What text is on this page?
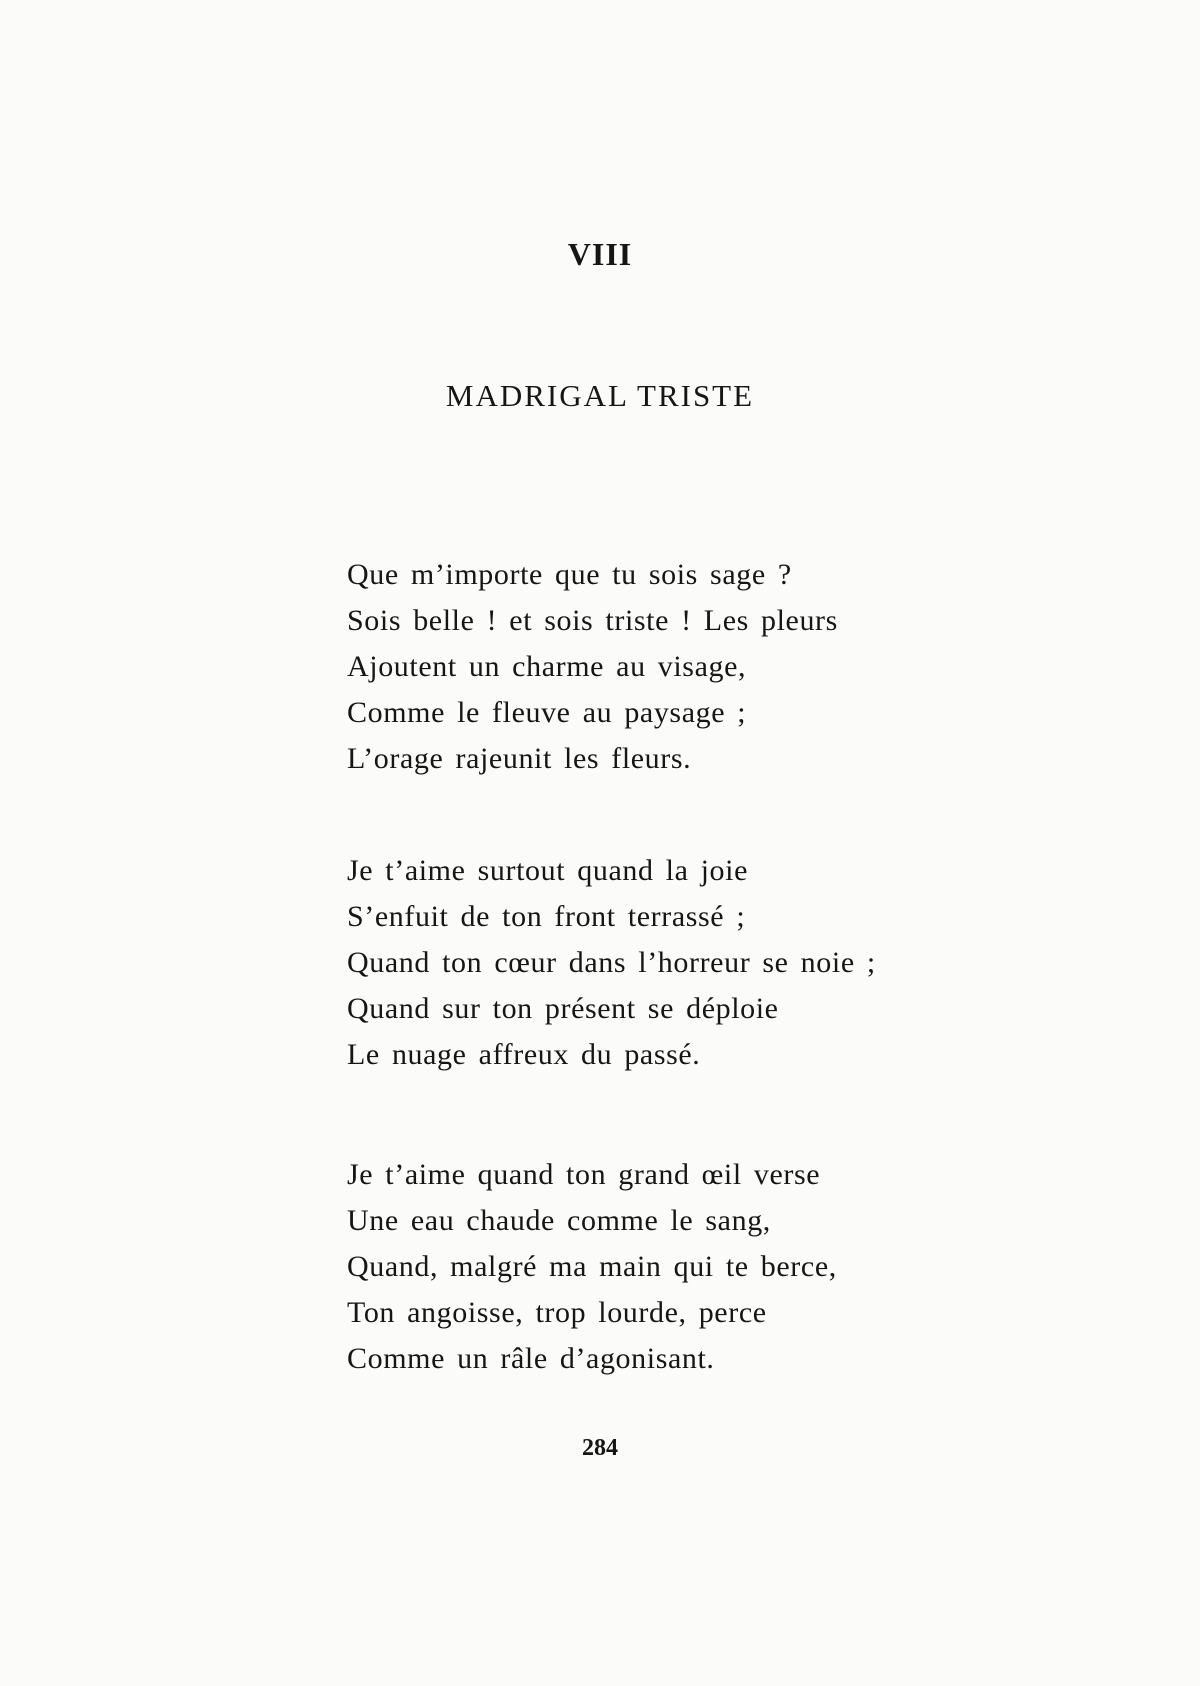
VIII
MADRIGAL TRISTE
Que m’importe que tu sois sage ?
Sois belle ! et sois triste ! Les pleurs
Ajoutent un charme au visage,
Comme le fleuve au paysage ;
L’orage rajeunit les fleurs.
Je t’aime surtout quand la joie
S’enfuit de ton front terrassé ;
Quand ton cœur dans l’horreur se noie ;
Quand sur ton présent se déploie
Le nuage affreux du passé.
Je t’aime quand ton grand œil verse
Une eau chaude comme le sang,
Quand, malgré ma main qui te berce,
Ton angoisse, trop lourde, perce
Comme un râle d’agonisant.
284
